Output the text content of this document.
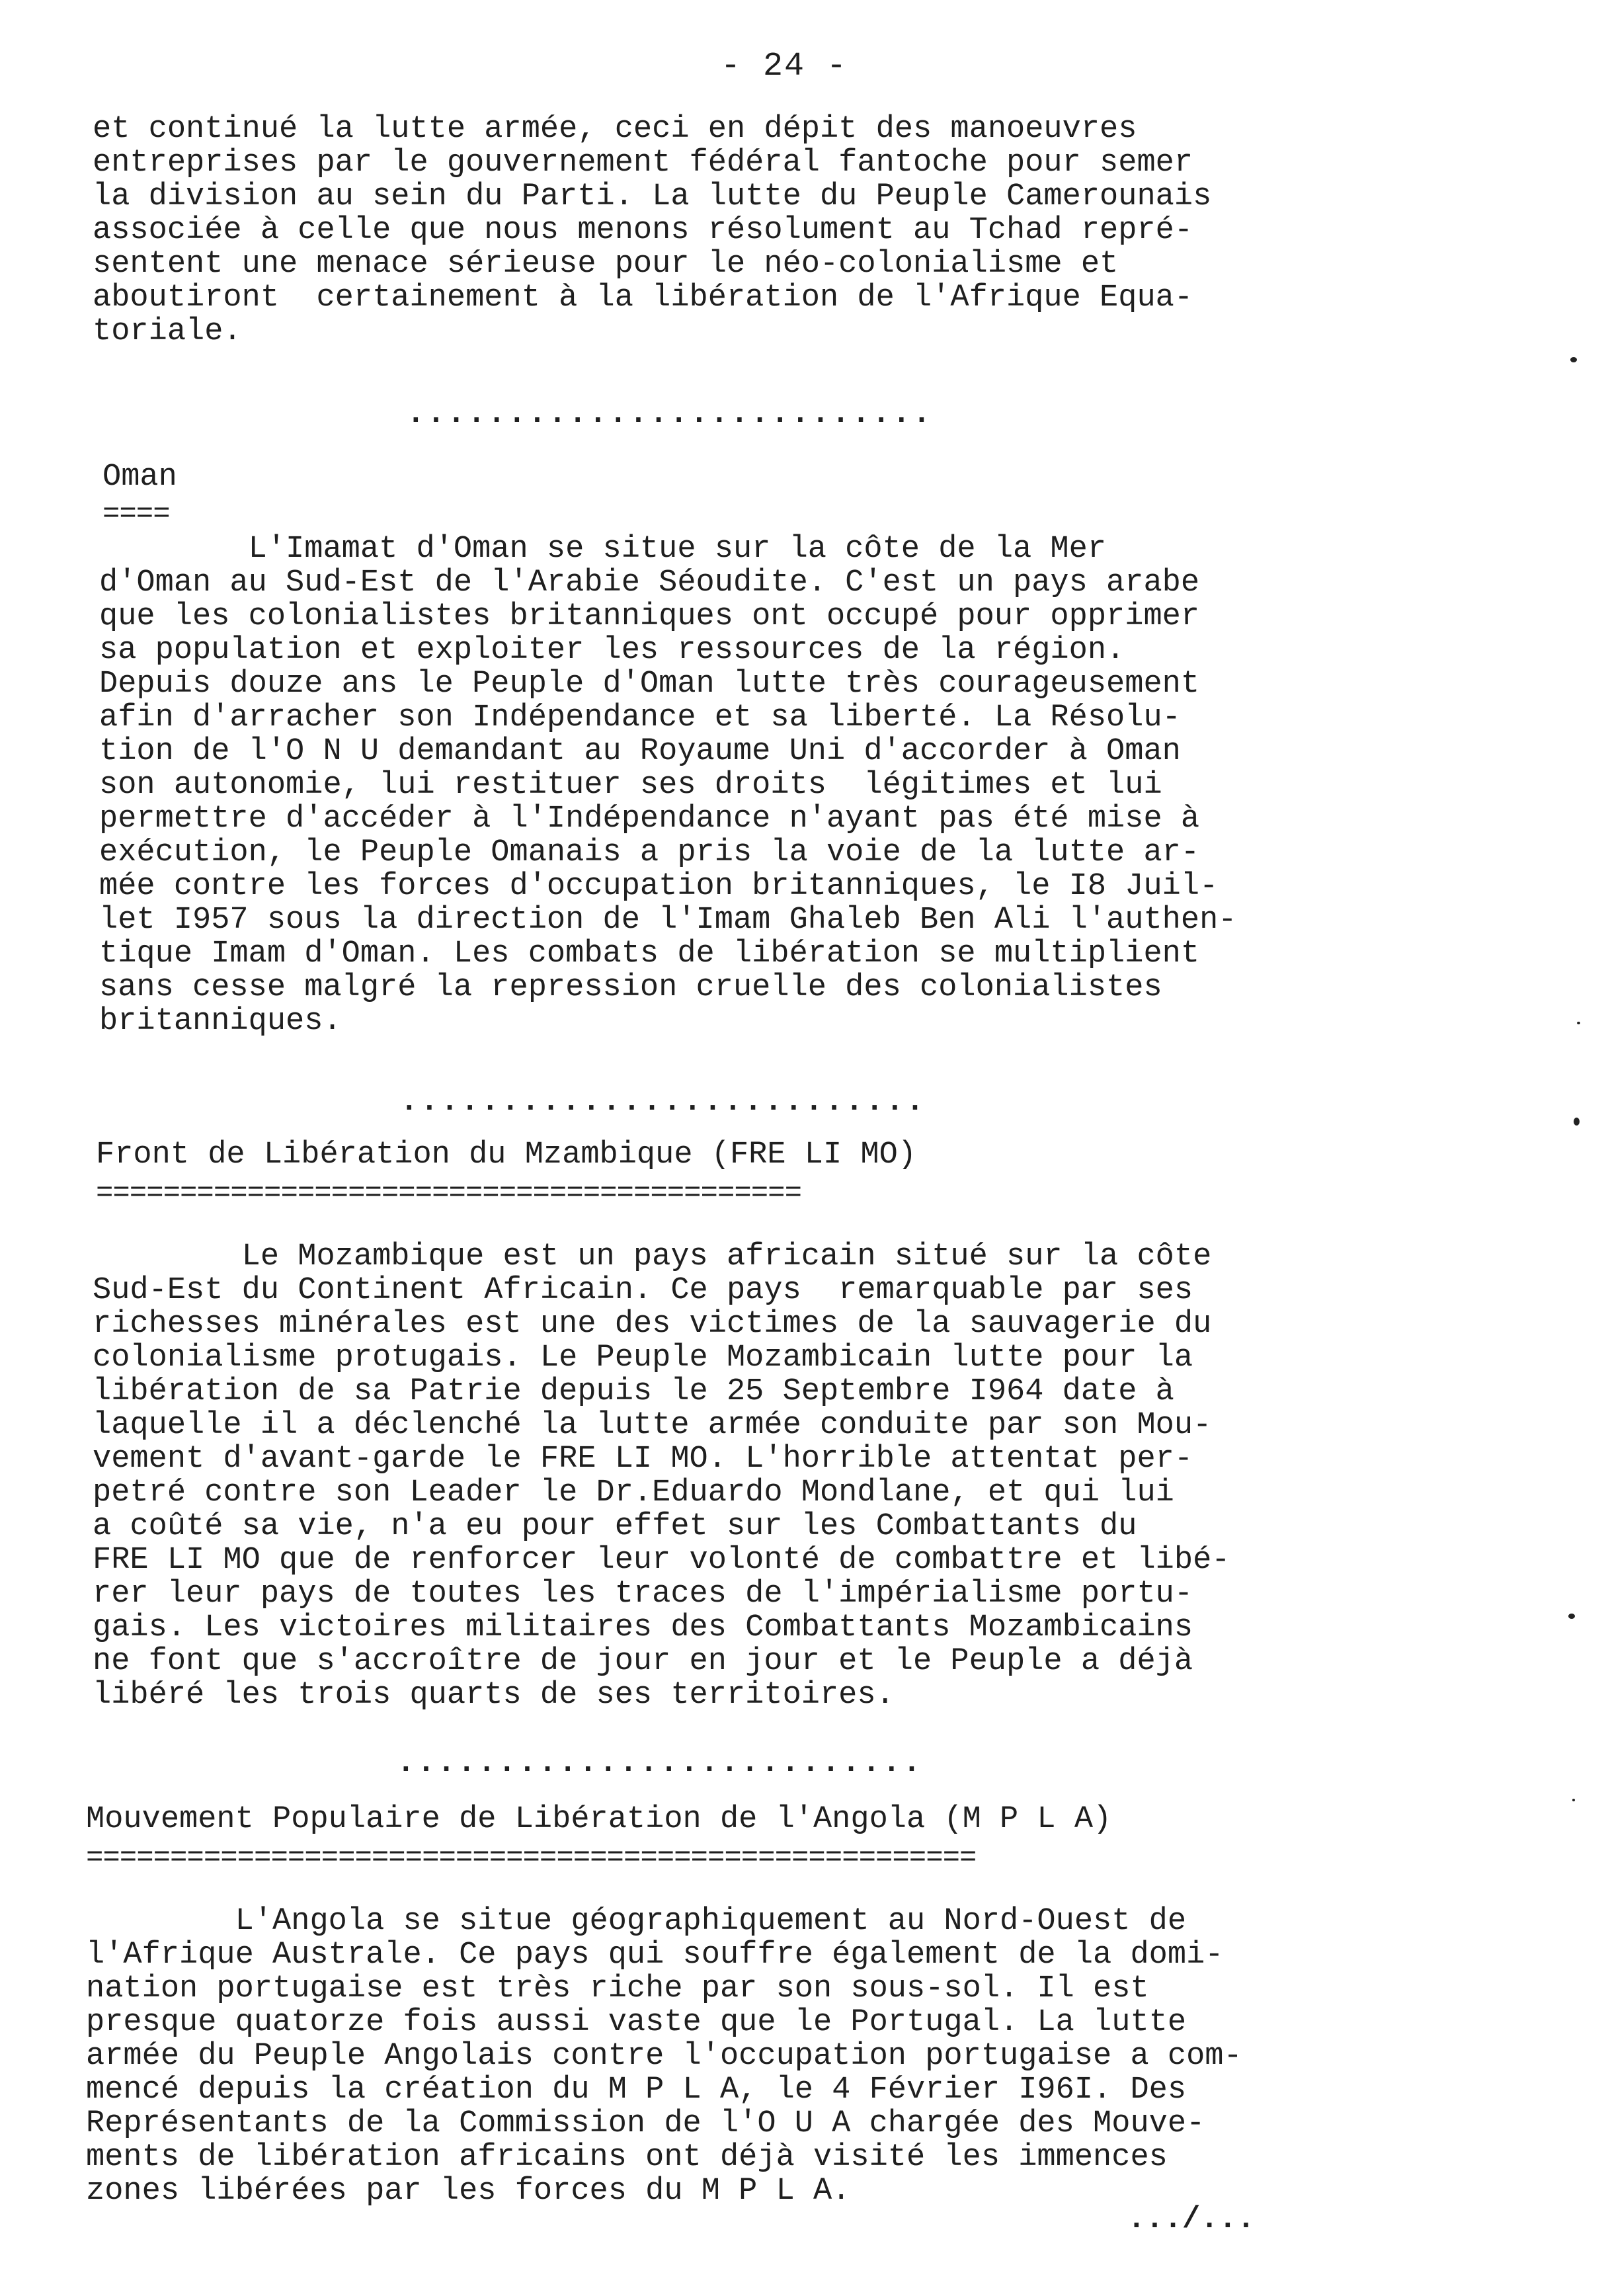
- 24 -
et continué la lutte armée, ceci en dépit des manoeuvres
entreprises par le gouvernement fédéral fantoche pour semer
la division au sein du Parti. La lutte du Peuple Camerounais
associée à celle que nous menons résolument au Tchad repré-
sentent une menace sérieuse pour le néo-colonialisme et
aboutiront  certainement à la libération de l'Afrique Equa-
toriale.
..........................
Oman
====
L'Imamat d'Oman se situe sur la côte de la Mer
d'Oman au Sud-Est de l'Arabie Séoudite. C'est un pays arabe
que les colonialistes britanniques ont occupé pour opprimer
sa population et exploiter les ressources de la région.
Depuis douze ans le Peuple d'Oman lutte très courageusement
afin d'arracher son Indépendance et sa liberté. La Résolu-
tion de l'O N U demandant au Royaume Uni d'accorder à Oman
son autonomie, lui restituer ses droits  légitimes et lui
permettre d'accéder à l'Indépendance n'ayant pas été mise à
exécution, le Peuple Omanais a pris la voie de la lutte ar-
mée contre les forces d'occupation britanniques, le I8 Juil-
let I957 sous la direction de l'Imam Ghaleb Ben Ali l'authen-
tique Imam d'Oman. Les combats de libération se multiplient
sans cesse malgré la repression cruelle des colonialistes
britanniques.
..........................
Front de Libération du Mzambique (FRE LI MO)
==========================================
Le Mozambique est un pays africain situé sur la côte
Sud-Est du Continent Africain. Ce pays  remarquable par ses
richesses minérales est une des victimes de la sauvagerie du
colonialisme protugais. Le Peuple Mozambicain lutte pour la
libération de sa Patrie depuis le 25 Septembre I964 date à
laquelle il a déclenché la lutte armée conduite par son Mou-
vement d'avant-garde le FRE LI MO. L'horrible attentat per-
petré contre son Leader le Dr.Eduardo Mondlane, et qui lui
a coûté sa vie, n'a eu pour effet sur les Combattants du
FRE LI MO que de renforcer leur volonté de combattre et libé-
rer leur pays de toutes les traces de l'impérialisme portu-
gais. Les victoires militaires des Combattants Mozambicains
ne font que s'accroître de jour en jour et le Peuple a déjà
libéré les trois quarts de ses territoires.
..........................
Mouvement Populaire de Libération de l'Angola (M P L A)
=====================================================
L'Angola se situe géographiquement au Nord-Ouest de
l'Afrique Australe. Ce pays qui souffre également de la domi-
nation portugaise est très riche par son sous-sol. Il est
presque quatorze fois aussi vaste que le Portugal. La lutte
armée du Peuple Angolais contre l'occupation portugaise a com-
mencé depuis la création du M P L A, le 4 Février I96I. Des
Représentants de la Commission de l'O U A chargée des Mouve-
ments de libération africains ont déjà visité les immences
zones libérées par les forces du M P L A.
.../...
